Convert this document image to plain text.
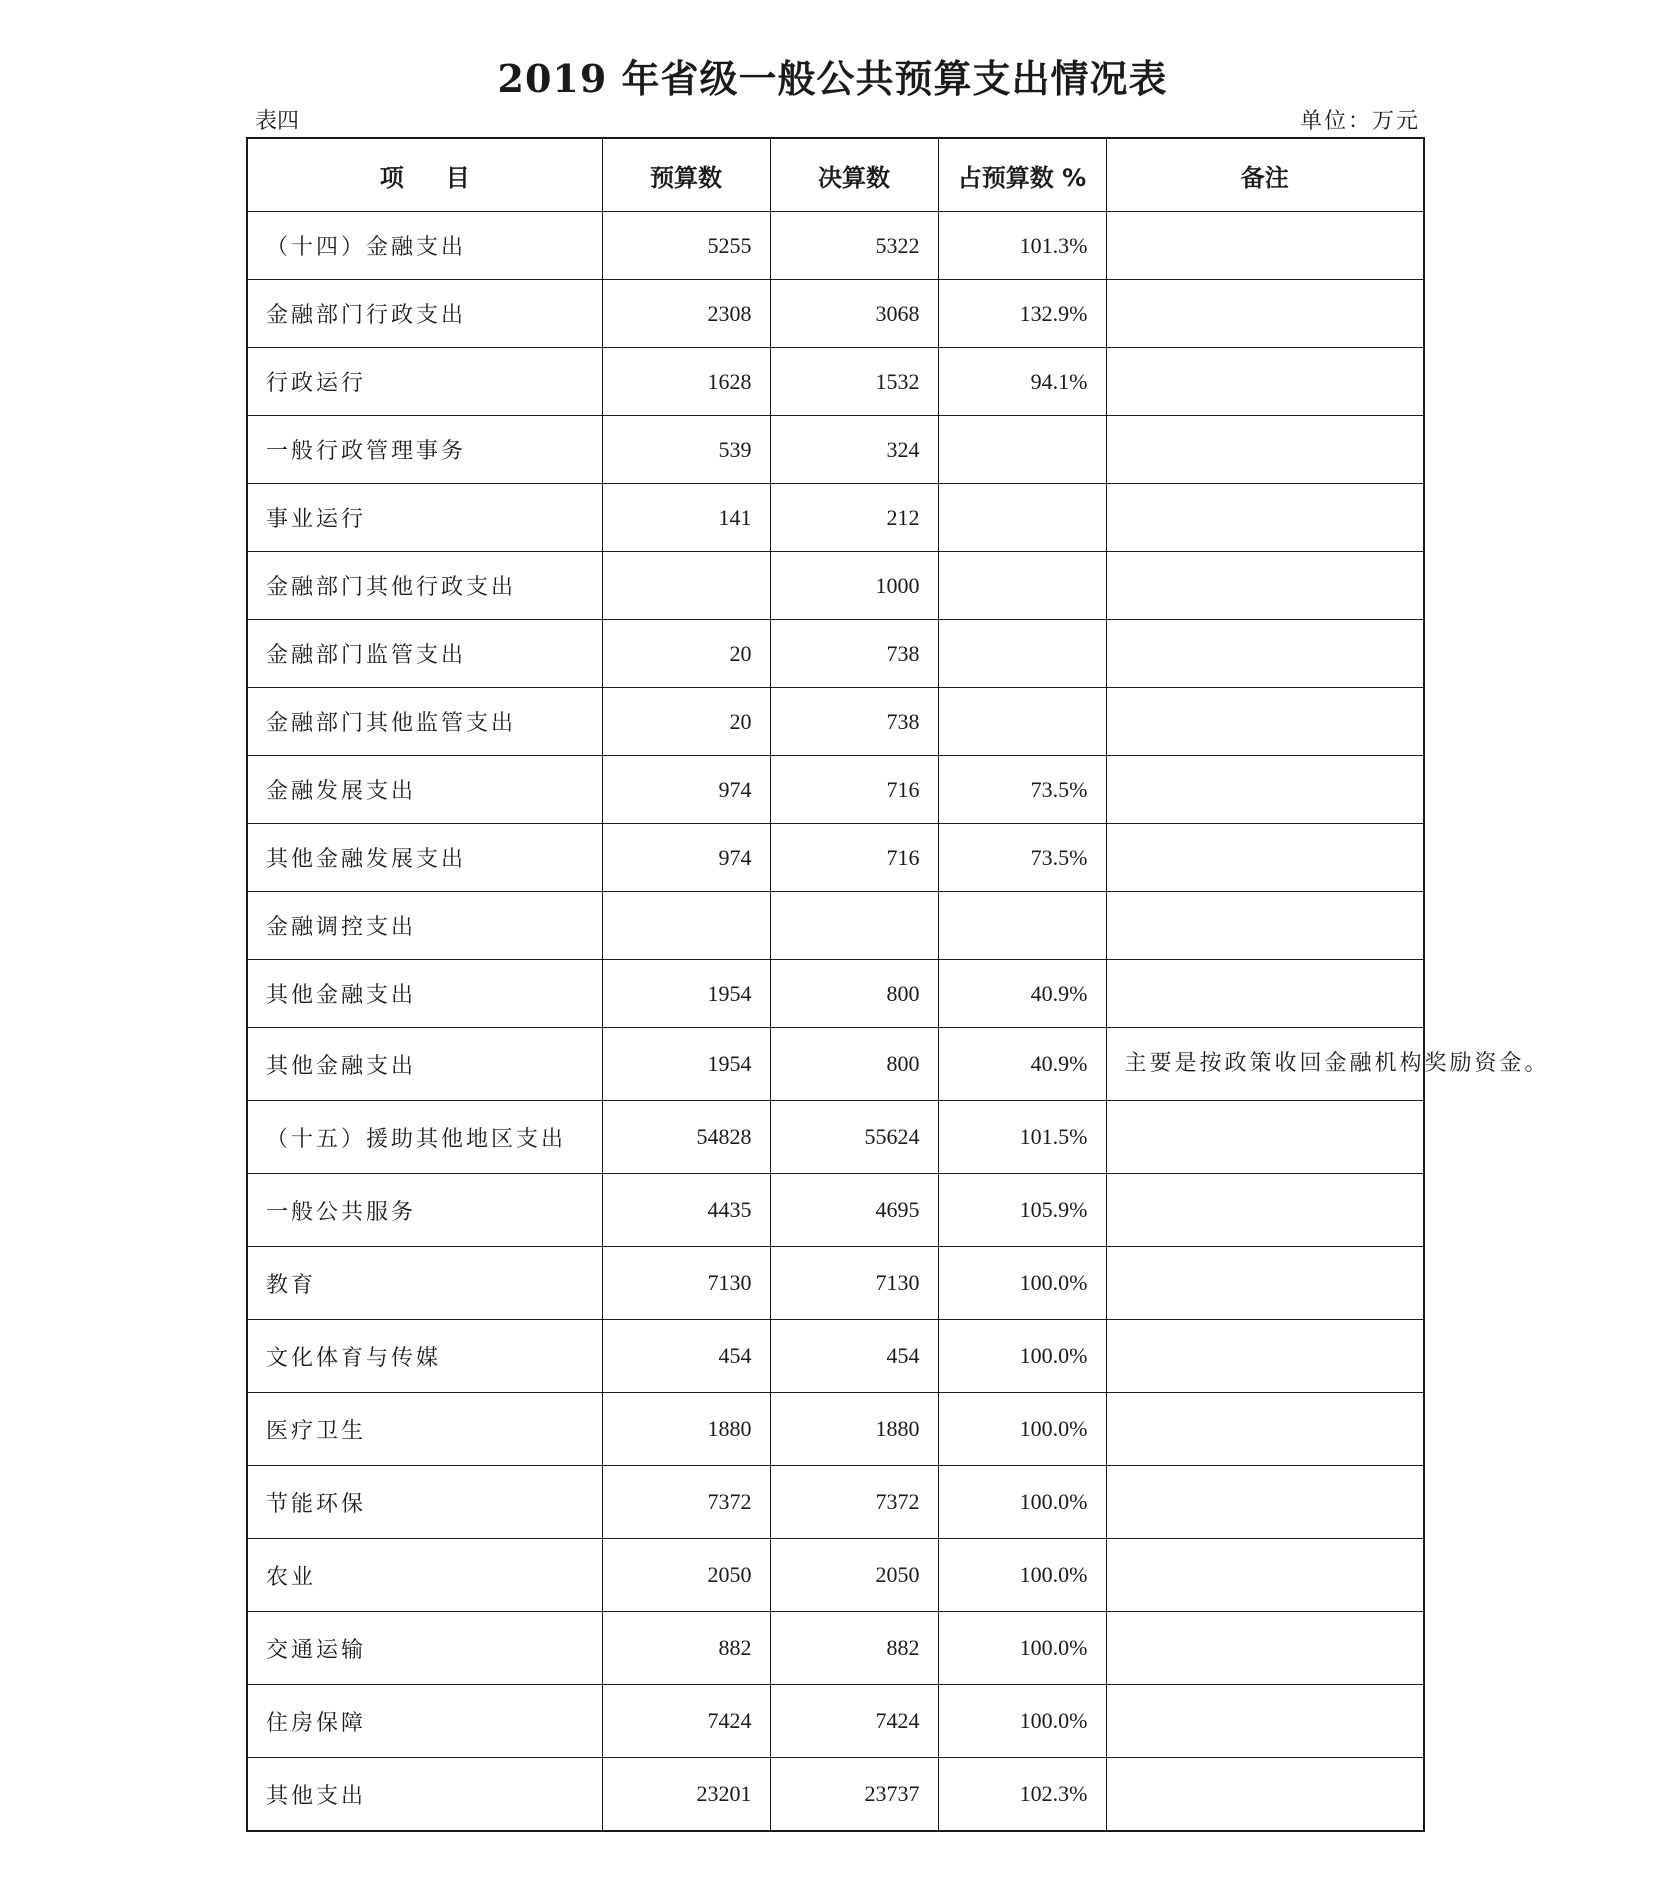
2019 年省级一般公共预算支出情况表
表四	单位：万元
项目	预算数	决算数	占预算数 %	备注
（十四）金融支出	5255	5322	101.3%	
金融部门行政支出	2308	3068	132.9%	
行政运行	1628	1532	94.1%	
一般行政管理事务	539	324		
事业运行	141	212		
金融部门其他行政支出		1000		
金融部门监管支出	20	738		
金融部门其他监管支出	20	738		
金融发展支出	974	716	73.5%	
其他金融发展支出	974	716	73.5%	
金融调控支出				
其他金融支出	1954	800	40.9%	
其他金融支出	1954	800	40.9%	主要是按政策收回金融机构奖励资金。
（十五）援助其他地区支出	54828	55624	101.5%	
一般公共服务	4435	4695	105.9%	
教育	7130	7130	100.0%	
文化体育与传媒	454	454	100.0%	
医疗卫生	1880	1880	100.0%	
节能环保	7372	7372	100.0%	
农业	2050	2050	100.0%	
交通运输	882	882	100.0%	
住房保障	7424	7424	100.0%	
其他支出	23201	23737	102.3%	
